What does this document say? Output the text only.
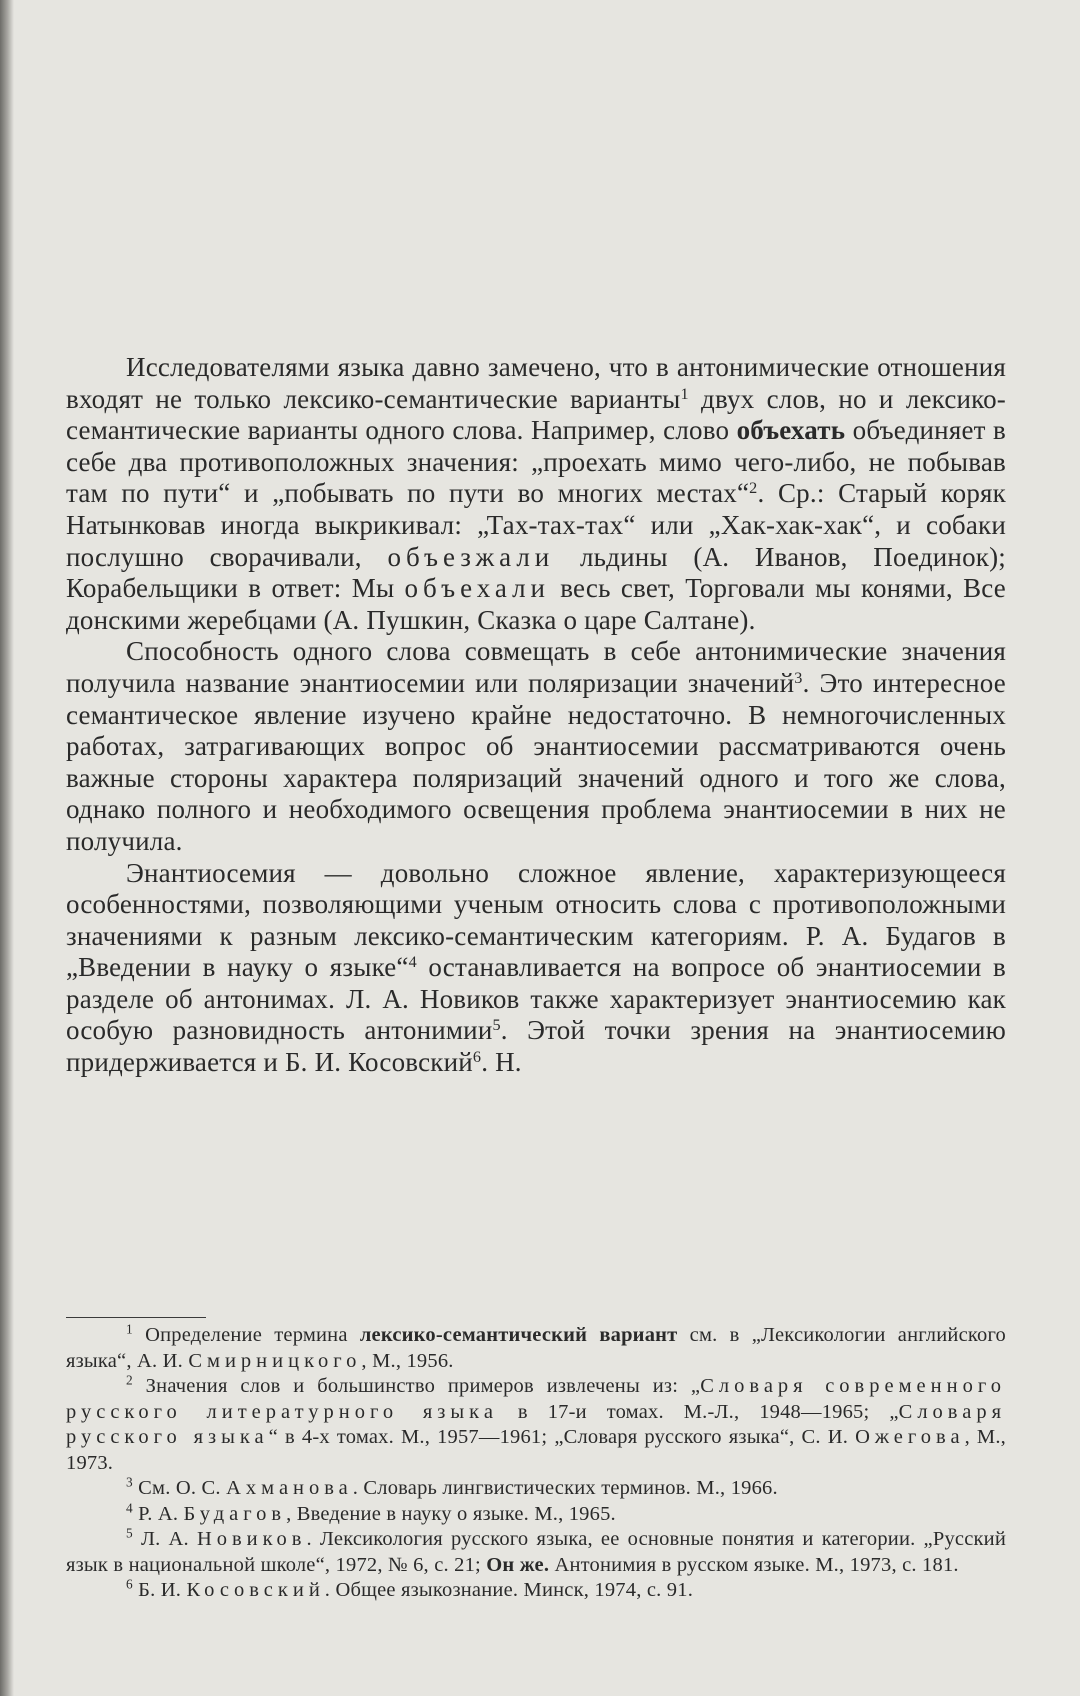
Исследователями языка давно замечено, что в антонимические отношения входят не только лексико-семантические варианты$^1$ двух слов, но и лексико-семантические варианты одного слова. Например, слово объехать объединяет в себе два противоположных значения: „проехать мимо чего-либо, не побывав там по пути“ и „побывать по пути во многих местах“$^2$. Ср.: Старый коряк Натынковав иногда выкрикивал: „Тах-тах-тах“ или „Хак-хак-хак“, и собаки послушно сворачивали, объезжали льдины (А. Иванов, Поединок); Корабельщики в ответ: Мы объехали весь свет, Торговали мы конями, Все донскими жеребцами (А. Пушкин, Сказка о царе Салтане).

Способность одного слова совмещать в себе антонимические значения получила название энантиосемии или поляризации значений$^3$. Это интересное семантическое явление изучено крайне недостаточно. В немногочисленных работах, затрагивающих вопрос об энантиосемии рассматриваются очень важные стороны характера поляризаций значений одного и того же слова, однако полного и необходимого освещения проблема энантиосемии в них не получила.

Энантиосемия — довольно сложное явление, характеризующееся особенностями, позволяющими ученым относить слова с противоположными значениями к разным лексико-семантическим категориям. Р. А. Будагов в „Введении в науку о языке“$^4$ останавливается на вопросе об энантиосемии в разделе об антонимах. Л. А. Новиков также характеризует энантиосемию как особую разновидность антонимии$^5$. Этой точки зрения на энантиосемию придерживается и Б. И. Косовский$^6$. Н.

$^1$ Определение термина лексико-семантический вариант см. в „Лексикологии английского языка“, А. И. Смирницкого, М., 1956.

$^2$ Значения слов и большинство примеров извлечены из: „Словаря современного русского литературного языка в 17-и томах. М.-Л., 1948—1965; „Словаря русского языка“ в 4-х томах. М., 1957—1961; „Словаря русского языка“, С. И. Ожегова, М., 1973.

$^3$ См. О. С. Ахманова. Словарь лингвистических терминов. М., 1966.

$^4$ Р. А. Будагов, Введение в науку о языке. М., 1965.

$^5$ Л. А. Новиков. Лексикология русского языка, ее основные понятия и категории. „Русский язык в национальной школе“, 1972, № 6, с. 21; Он же. Антонимия в русском языке. М., 1973, с. 181.

$^6$ Б. И. Косовский. Общее языкознание. Минск, 1974, с. 91.
